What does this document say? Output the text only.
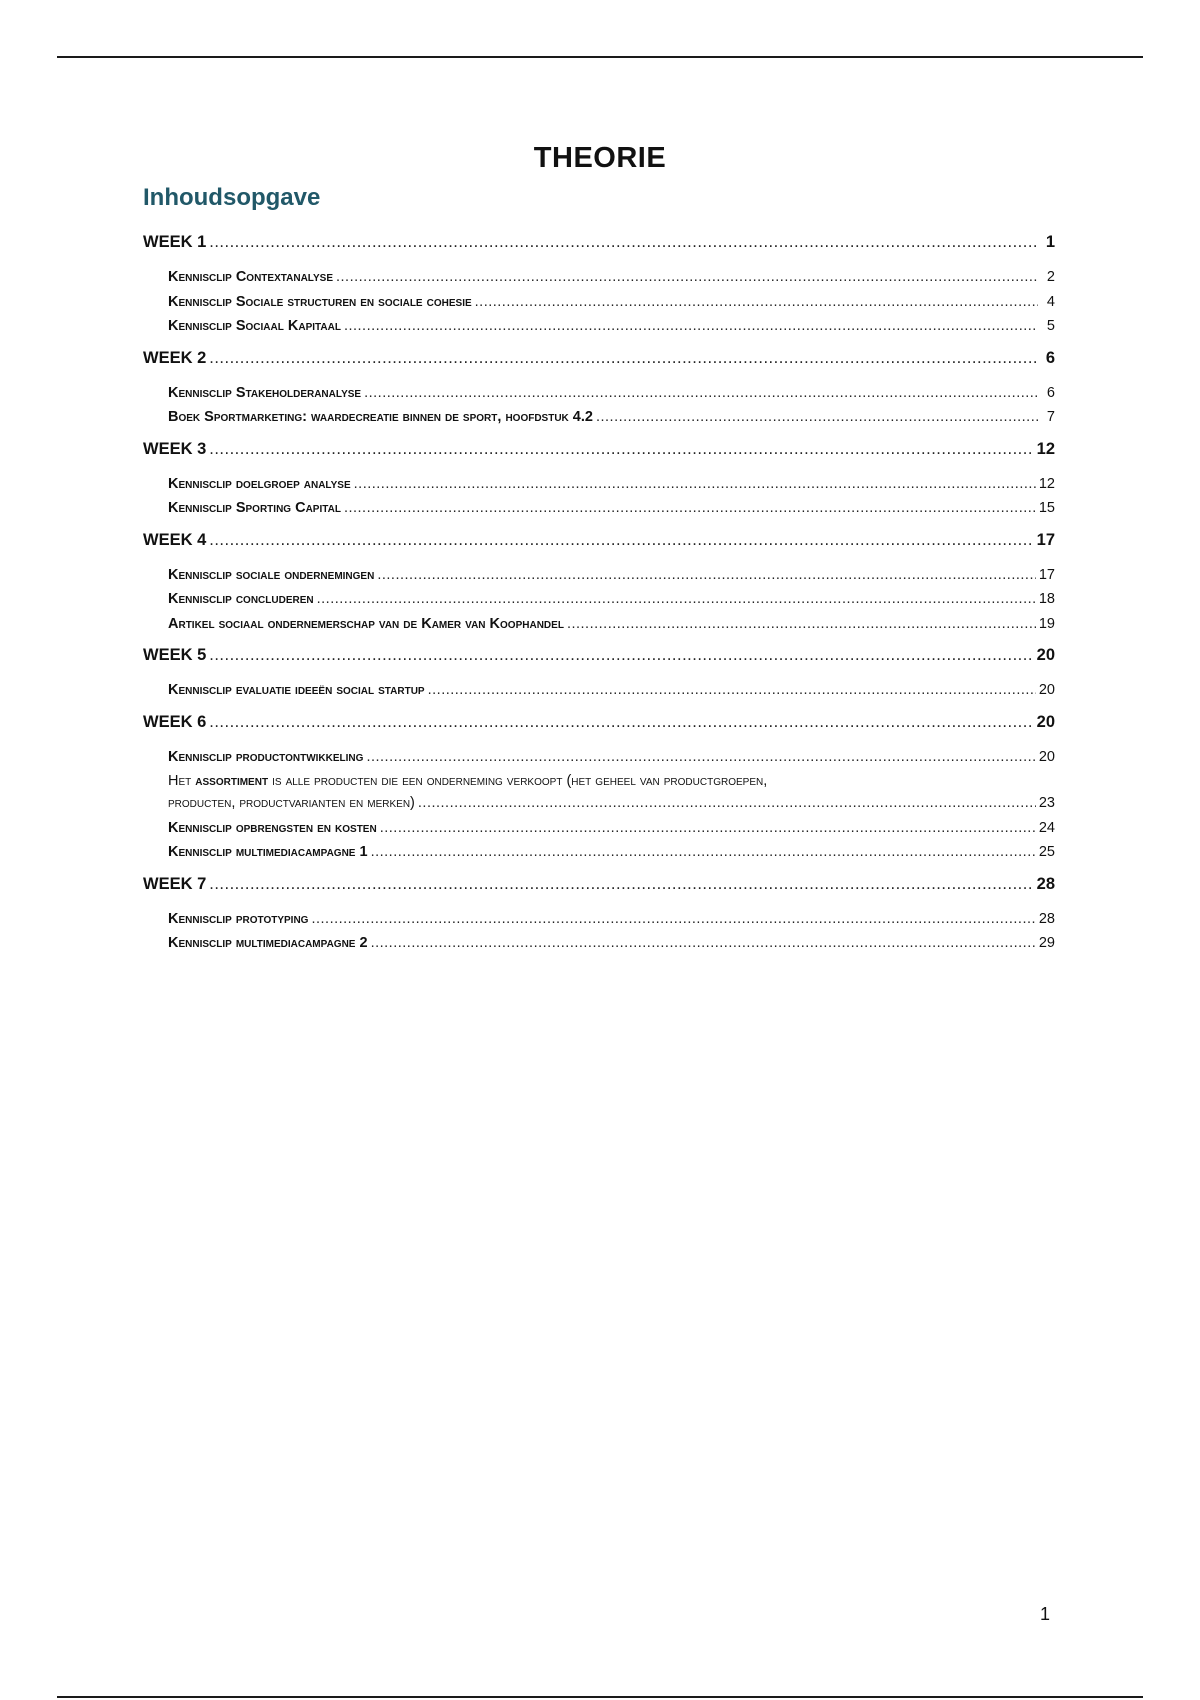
THEORIE
Inhoudsopgave
WEEK 1 .....	1
Kennisclip Contextanalyse .....	2
Kennisclip Sociale structuren en sociale cohesie .....	4
Kennisclip Sociaal Kapitaal .....	5
WEEK 2 .....	6
Kennisclip Stakeholderanalyse .....	6
Boek Sportmarketing: waardecreatie binnen de sport, hoofdstuk 4.2 .....	7
WEEK 3 .....	12
Kennisclip doelgroep analyse .....	12
Kennisclip Sporting Capital .....	15
WEEK 4 .....	17
Kennisclip sociale ondernemingen .....	17
Kennisclip concluderen .....	18
Artikel sociaal ondernemerschap van de Kamer van Koophandel .....	19
WEEK 5 .....	20
Kennisclip evaluatie ideeën social startup .....	20
WEEK 6 .....	20
Kennisclip productontwikkeling .....	20
Het assortiment is alle producten die een onderneming verkoopt (het geheel van productgroepen,
producten, productvarianten en merken) .....	23
Kennisclip opbrengsten en kosten .....	24
Kennisclip multimediacampagne 1 .....	25
WEEK 7 .....	28
Kennisclip prototyping .....	28
Kennisclip multimediacampagne 2 .....	29
1
